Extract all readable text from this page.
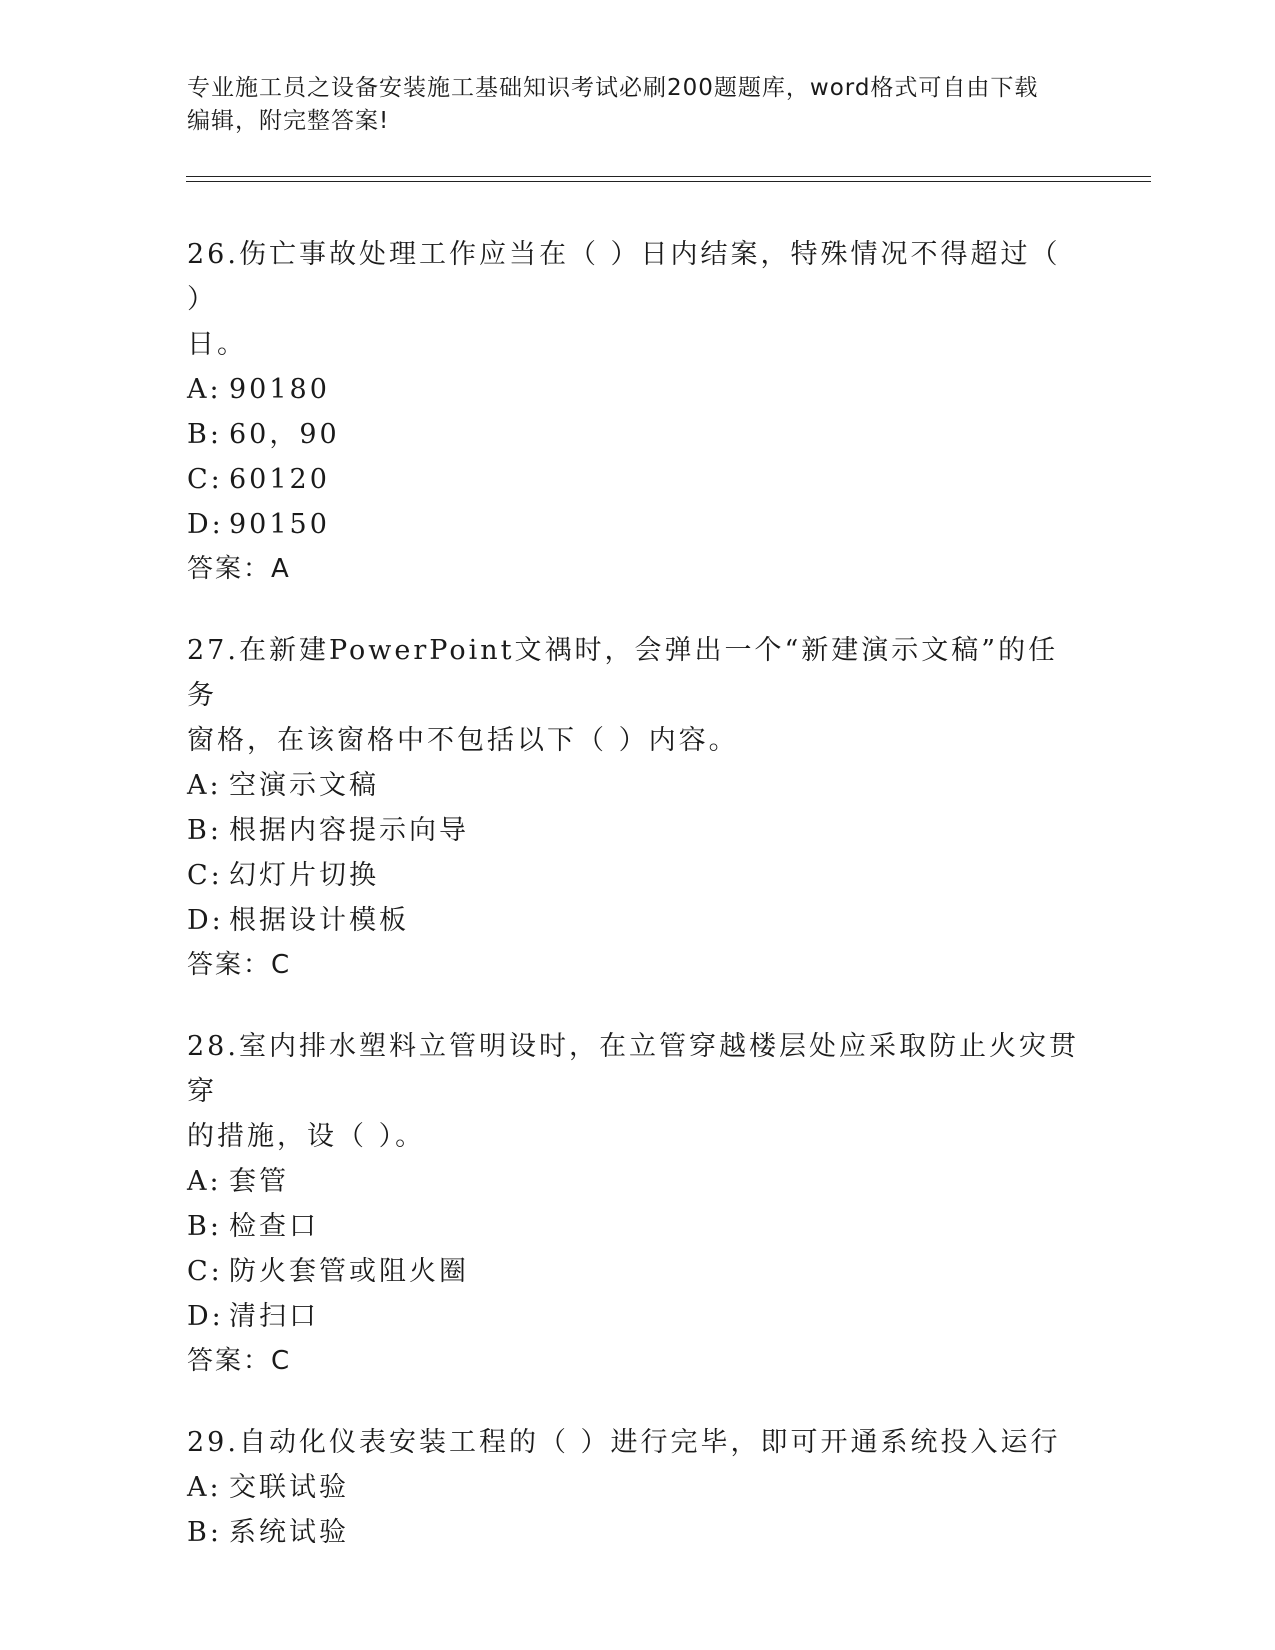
专业施工员之设备安装施工基础知识考试必刷200题题库，word格式可自由下载
编辑，附完整答案!

26.伤亡事故处理工作应当在（ ）日内结案，特殊情况不得超过（ ）

日。

A: 90180

B: 60，90

C: 60120

D: 90150

答案：A

27.在新建PowerPoint文禑时，会弹出一个“新建演示文稿”的任务

窗格，在该窗格中不包括以下（ ）内容。

A: 空演示文稿

B: 根据内容提示向导

C: 幻灯片切换

D: 根据设计模板

答案：C

28.室内排水塑料立管明设时，在立管穿越楼层处应采取防止火灾贯穿

的措施，设（ ）。

A: 套管

B: 检查口

C: 防火套管或阻火圈

D: 清扫口

答案：C

29.自动化仪表安装工程的（ ）进行完毕，即可开通系统投入运行

A: 交联试验

B: 系统试验
